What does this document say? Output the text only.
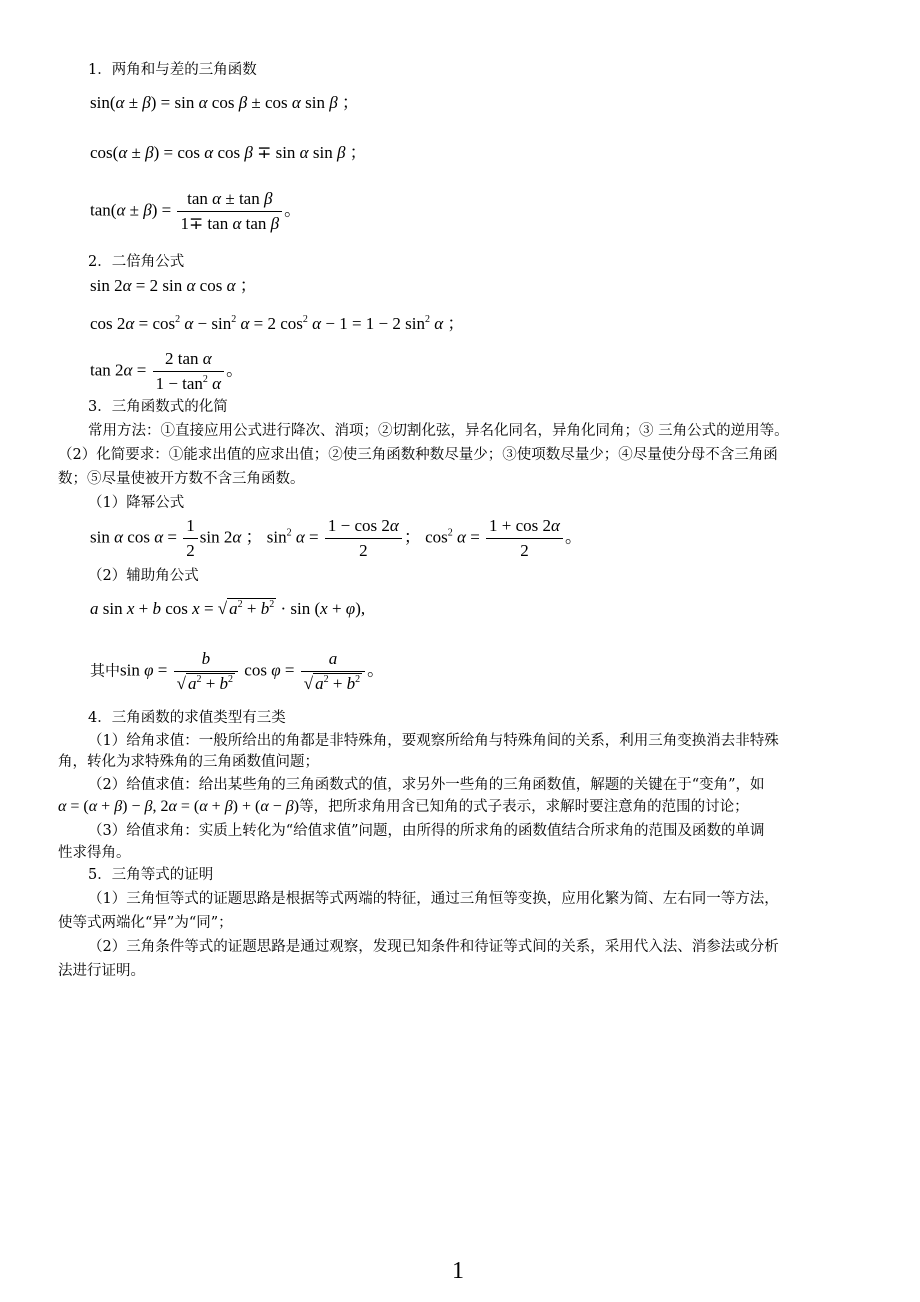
1．两角和与差的三角函数
sin(α ± β) = sin α cos β ± cos α sin β ；
cos(α ± β) = cos α cos β ∓ sin α sin β ；
$\tan(\alpha \pm \beta) = \frac{\text{tan α ± tan β}}{\text{1∓ tan α tan β}}$ 。
2．二倍角公式
sin 2α = 2 sin α cos α ；
$\cos 2\alpha = \cos^2 \alpha - \sin^2 \alpha = 2$ $\cos^2 \alpha - 1 = 1 - 2$ $\sin^2 \alpha$ ；
$\tan 2\alpha = \frac{\text{2 tan α}}{1 - \tan^2 \alpha}$ 。
3．三角函数式的化简
常用方法：①直接应用公式进行降次、消项；②切割化弦，异名化同名，异角化同角；③ 三角公式的逆用等。
（2）化简要求：①能求出值的应求出值；②使三角函数种数尽量少；③使项数尽量少；④尽量使分母不含三角函
数；⑤尽量使被开方数不含三角函数。
（1）降幂公式
sin α $\cos \alpha = \frac{1}{2}$ sin 2α ； $\sin^2 \alpha = \frac{1 - \cos 2\alpha}{2}$ ； $\cos^2 \alpha = \frac{1 + \cos 2\alpha}{2}$ 。
（2）辅助角公式
a sin x + b cos x = √ $a^2 + b^2 \cdot \sin (x + \varphi)$,
其中$\sin \varphi = \frac{b}{√ a^2 + b^2}$ $\cos \varphi = \frac{a}{√ a^2 + b^2}$ 。
4．三角函数的求值类型有三类
（1）给角求值：一般所给出的角都是非特殊角，要观察所给角与特殊角间的关系，利用三角变换消去非特殊
角，转化为求特殊角的三角函数值问题；
（2）给值求值：给出某些角的三角函数式的值，求另外一些角的三角函数值，解题的关键在于“变角”，如
α = (α + β) − β, 2α = (α + β) + (α − β)等，把所求角用含已知角的式子表示，求解时要注意角的范围的讨论；
（3）给值求角：实质上转化为“给值求值”问题，由所得的所求角的函数值结合所求角的范围及函数的单调
性求得角。
5．三角等式的证明
（1）三角恒等式的证题思路是根据等式两端的特征，通过三角恒等变换，应用化繁为简、左右同一等方法，
使等式两端化“异”为“同”；
（2）三角条件等式的证题思路是通过观察，发现已知条件和待证等式间的关系，采用代入法、消参法或分析
法进行证明。
1
